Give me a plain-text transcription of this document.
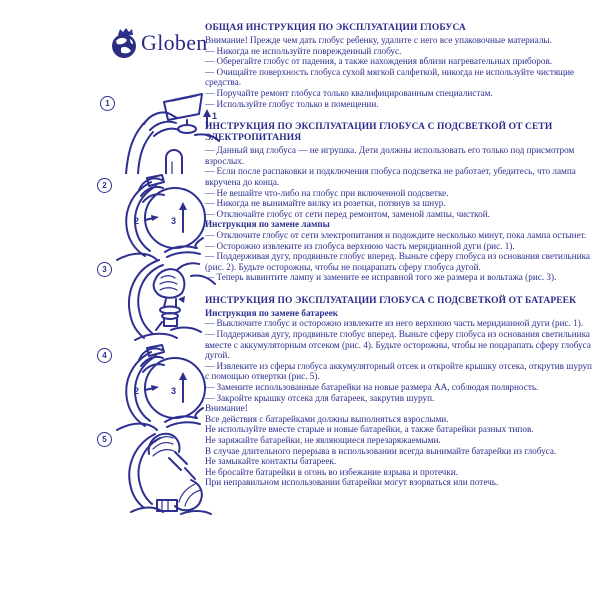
Globen
1
1
2
3
2
3
4
3
2
5
ОБЩАЯ ИНСТРУКЦИЯ ПО ЭКСПЛУАТАЦИИ ГЛОБУСА

Внимание! Прежде чем дать глобус ребенку, удалите с него все упаковочные материалы.

— Никогда не используйте поврежденный глобус.

— Оберегайте глобус от падения, а также нахождения вблизи нагревательных приборов.

— Очищайте поверхность глобуса сухой мягкой салфеткой, никогда не используйте чистящие средства.

— Поручайте ремонт глобуса только квалифицированным специалистам.

— Используйте глобус только в помещении.

ИНСТРУКЦИЯ ПО ЭКСПЛУАТАЦИИ ГЛОБУСА С ПОДСВЕТКОЙ ОТ СЕТИ ЭЛЕКТРОПИТАНИЯ

— Данный вид глобуса — не игрушка. Дети должны использовать его только под присмотром взрослых.

— Если после распаковки и подключения глобуса подсветка не работает, убедитесь, что лампа вкручена до конца.

— Не вешайте что-либо на глобус при включенной подсветке.

— Никогда не вынимайте вилку из розетки, потянув за шнур.

— Отключайте глобус от сети перед ремонтом, заменой лампы, чисткой.

Инструкция по замене лампы

— Отключите глобус от сети электропитания и подождите несколько минут, пока лампа остынет.

— Осторожно извлеките из глобуса верхнюю часть меридианной дуги (рис. 1).

— Поддерживая дугу, продвиньте глобус вперед. Выньте сферу глобуса из основания светильника (рис. 2). Будьте осторожны, чтобы не поцарапать сферу глобуса дугой.

— Теперь вывинтите лампу и замените ее исправной того же размера и вольтажа (рис. 3).

ИНСТРУКЦИЯ ПО ЭКСПЛУАТАЦИИ ГЛОБУСА С ПОДСВЕТКОЙ ОТ БАТАРЕЕК

Инструкция по замене батареек

— Выключите глобус и осторожно извлеките из него верхнюю часть меридианной дуги (рис. 1).

— Поддерживая дугу, продвиньте глобус вперед. Выньте сферу глобуса из основания светильника вместе с аккумуляторным отсеком (рис. 4). Будьте осторожны, чтобы не поцарапать сферу глобуса дугой.

— Извлеките из сферы глобуса аккумуляторный отсек и откройте крышку отсека, открутив шуруп с помощью отвертки (рис. 5).

— Замените использованные батарейки на новые размера АА, соблюдая полярность.

— Закройте крышку отсека для батареек, закрутив шуруп.

Внимание!

Все действия с батарейками должны выполняться взрослыми.

Не используйте вместе старые и новые батарейки, а также батарейки разных типов.

Не заряжайте батарейки, не являющиеся перезаряжаемыми.

В случае длительного перерыва в использовании всегда вынимайте батарейки из глобуса.

Не замыкайте контакты батареек.

Не бросайте батарейки в огонь во избежание взрыва и протечки.

При неправильном использовании батарейки могут взорваться или потечь.
